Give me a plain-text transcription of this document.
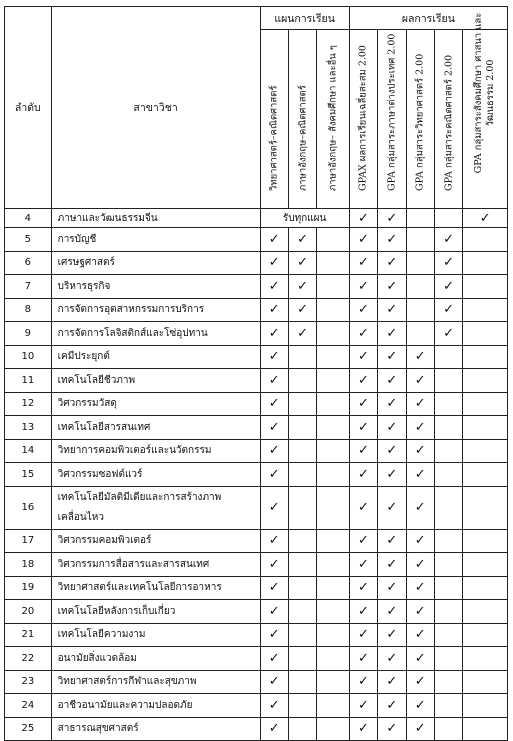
ลำดับ	สาขาวิชา	แผนการเรียน			ผลการเรียน				

		วิทยาศาสตร์–คณิตศาสตร์	ภาษาอังกฤษ–คณิตศาสตร์	ภาษาอังกฤษ– สังคมศึกษา และอื่น ๆ	GPAX ผลการเรียนเฉลี่ยสะสม 2.00	GPA กลุ่มสาระภาษาต่างประเทศ 2.00	GPA กลุ่มสาระวิทยาศาสตร์ 2.00	GPA กลุ่มสาระคณิตศาสตร์ 2.00	GPA กลุ่มสาระสังคมศึกษา ศาสนา และวัฒนธรรม 2.00

4	ภาษาและวัฒนธรรมจีน	รับทุกแผน			✓	✓			✓
5	การบัญชี	✓	✓		✓	✓		✓	
6	เศรษฐศาสตร์	✓	✓		✓	✓		✓	
7	บริหารธุรกิจ	✓	✓		✓	✓		✓	
8	การจัดการอุตสาหกรรมการบริการ	✓	✓		✓	✓		✓	
9	การจัดการโลจิสติกส์และโซ่อุปทาน	✓	✓		✓	✓		✓	
10	เคมีประยุกต์	✓			✓	✓	✓		
11	เทคโนโลยีชีวภาพ	✓			✓	✓	✓		
12	วิศวกรรมวัสดุ	✓			✓	✓	✓		
13	เทคโนโลยีสารสนเทศ	✓			✓	✓	✓		
14	วิทยาการคอมพิวเตอร์และนวัตกรรม	✓			✓	✓	✓		
15	วิศวกรรมซอฟต์แวร์	✓			✓	✓	✓		
16	เทคโนโลยีมัลติมีเดียและการสร้างภาพเคลื่อนไหว	✓			✓	✓	✓		
17	วิศวกรรมคอมพิวเตอร์	✓			✓	✓	✓		
18	วิศวกรรมการสื่อสารและสารสนเทศ	✓			✓	✓	✓		
19	วิทยาศาสตร์และเทคโนโลยีการอาหาร	✓			✓	✓	✓		
20	เทคโนโลยีหลังการเก็บเกี่ยว	✓			✓	✓	✓		
21	เทคโนโลยีความงาม	✓			✓	✓	✓		
22	อนามัยสิ่งแวดล้อม	✓			✓	✓	✓		
23	วิทยาศาสตร์การกีฬาและสุขภาพ	✓			✓	✓	✓		
24	อาชีวอนามัยและความปลอดภัย	✓			✓	✓	✓		
25	สาธารณสุขศาสตร์	✓			✓	✓	✓		
